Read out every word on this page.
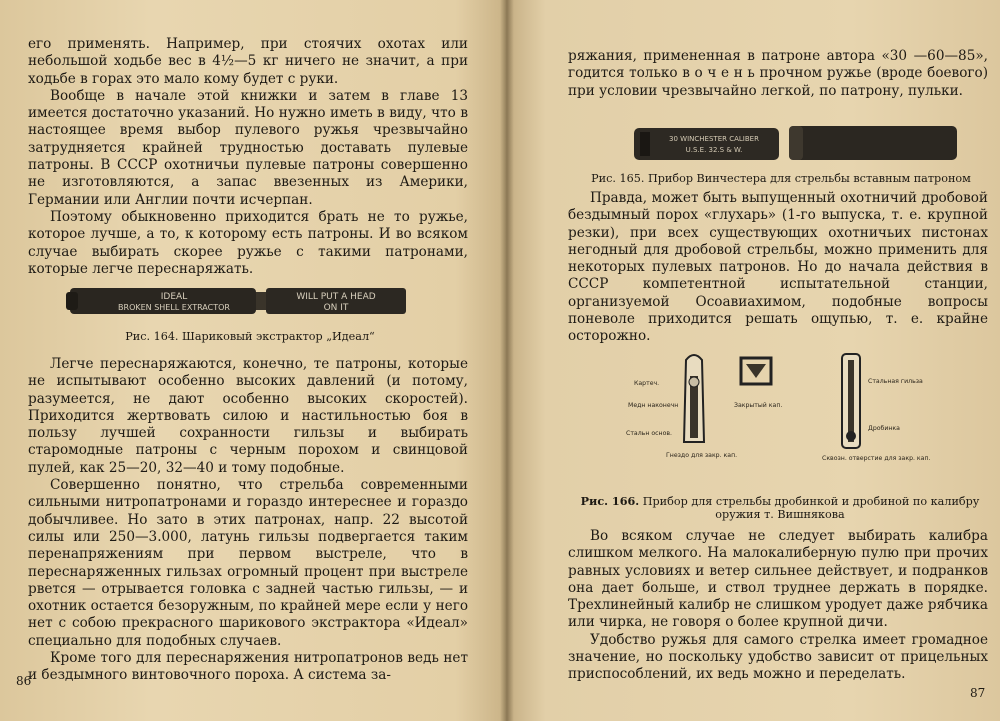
его применять. Например, при стоячих охотах или небольшой ходьбе вес в 4½—5 кг ничего не значит, а при ходьбе в горах это мало кому будет с руки.

Вообще в начале этой книжки и затем в главе 13 имеется достаточно указаний. Но нужно иметь в виду, что в настоящее время выбор пулевого ружья чрезвычайно затрудняется крайней трудностью доставать пулевые патроны. В СССР охотничьи пулевые патроны совершенно не изготовляются, а запас ввезенных из Америки, Германии или Англии почти исчерпан.

Поэтому обыкновенно приходится брать не то ружье, которое лучше, а то, к которому есть патроны. И во всяком случае выбирать скорее ружье с такими патронами, которые легче переснаряжать.

IDEAL
BROKEN SHELL EXTRACTOR
WILL PUT A HEAD
ON IT
Рис. 164. Шариковый экстрактор „Идеал“

Легче переснаряжаются, конечно, те патроны, которые не испытывают особенно высоких давлений (и потому, разумеется, не дают особенно высоких скоростей). Приходится жертвовать силою и настильностью боя в пользу лучшей сохранности гильзы и выбирать старомодные патроны с черным порохом и свинцовой пулей, как 25—20, 32—40 и тому подобные.

Совершенно понятно, что стрельба современными сильными нитропатронами и гораздо интереснее и гораздо добычливее. Но зато в этих патронах, напр. 22 высотой силы или 250—3.000, латунь гильзы подвергается таким перенапряжениям при первом выстреле, что в переснаряженных гильзах огромный процент при выстреле рвется — отрывается головка с задней частью гильзы, — и охотник остается безоружным, по крайней мере если у него нет с собою прекрасного шарикового экстрактора «Идеал» специально для подобных случаев.

Кроме того для переснаряжения нитропатронов ведь нет и бездымного винтовочного пороха. А система за-

86

ряжания, примененная в патроне автора «30 —60—85», годится только в о ч е н ь прочном ружье (вроде боевого) при условии чрезвычайно легкой, по патрону, пульки.

30 WINCHESTER CALIBER
U.S.E. 32.S & W.
Рис. 165. Прибор Винчестера для стрельбы вставным патроном

Правда, может быть выпущенный охотничий дробовой бездымный порох «глухарь» (1-го выпуска, т. е. крупной резки), при всех существующих охотничьих пистонах негодный для дробовой стрельбы, можно применить для некоторых пулевых патронов. Но до начала действия в СССР компетентной испытательной станции, организуемой Осоавиахимом, подобные вопросы поневоле приходится решать ощупью, т. е. крайне осторожно.

Картеч.
Медн наконечн
Стальн основ.
Гнездо для закр. кап.
Закрытый кап.
Стальная гильза
Дробинка
Сквозн. отверстие для закр. кап.
Рис. 166. Прибор для стрельбы дробинкой и дробиной по калибру оружия т. Вишнякова

Во всяком случае не следует выбирать калибра слишком мелкого. На малокалиберную пулю при прочих равных условиях и ветер сильнее действует, и подранков она дает больше, и ствол труднее держать в порядке. Трехлинейный калибр не слишком уродует даже рябчика или чирка, не говоря о более крупной дичи.

Удобство ружья для самого стрелка имеет громадное значение, но поскольку удобство зависит от прицельных приспособлений, их ведь можно и переделать.

87
